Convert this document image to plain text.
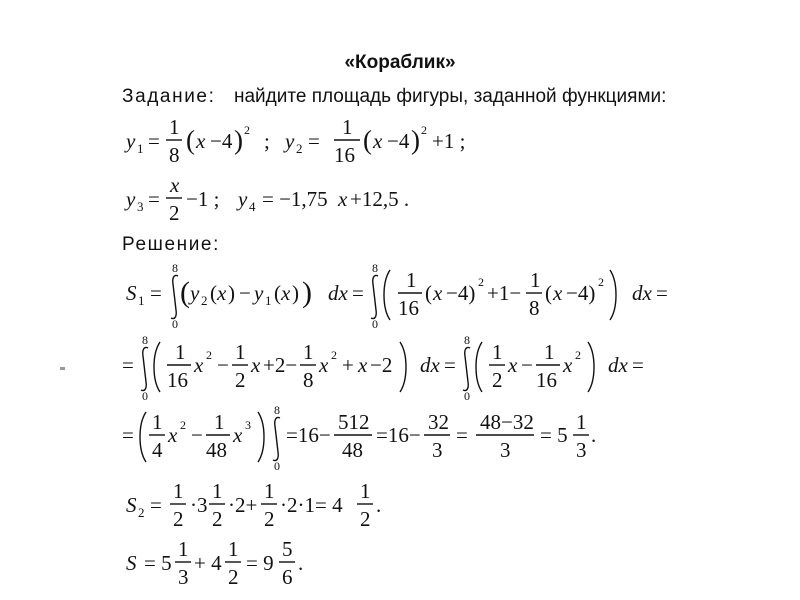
«Кораблик»
Задание: найдите площадь фигуры, заданной функциями:
y 1 =
1
8 ( x −4 ) 2 ; y 2 =
1
16 ( x −4 ) 2 +1 ;
y 3 =
x
2
−1 ; y 4 = −1,75 x +12,5 .
Решение:
S 1 =
8
0
( y 2 ( x ) − y 1 ( x ) ) dx =
8
0
1
16
( x −4) 2 +1−
1
8
( x −4) 2 dx =
=
8
0
1
16
x 2 −
1
2
x +2−
1
8
x 2 + x −2 dx =
8
0
1
2
x −
1
16
x 2 dx =
=
1
4
x 2 −
1
48
x 3
8
0
=16−
512
48
=16−
32
3
=
48−32
3
= 5
1
3
.
S 2 =
1
2
·3
1
2
·2+
1
2
·2·1= 4
1
2
.
S = 5
1
3
+ 4
1
2
= 9
5
6
.
